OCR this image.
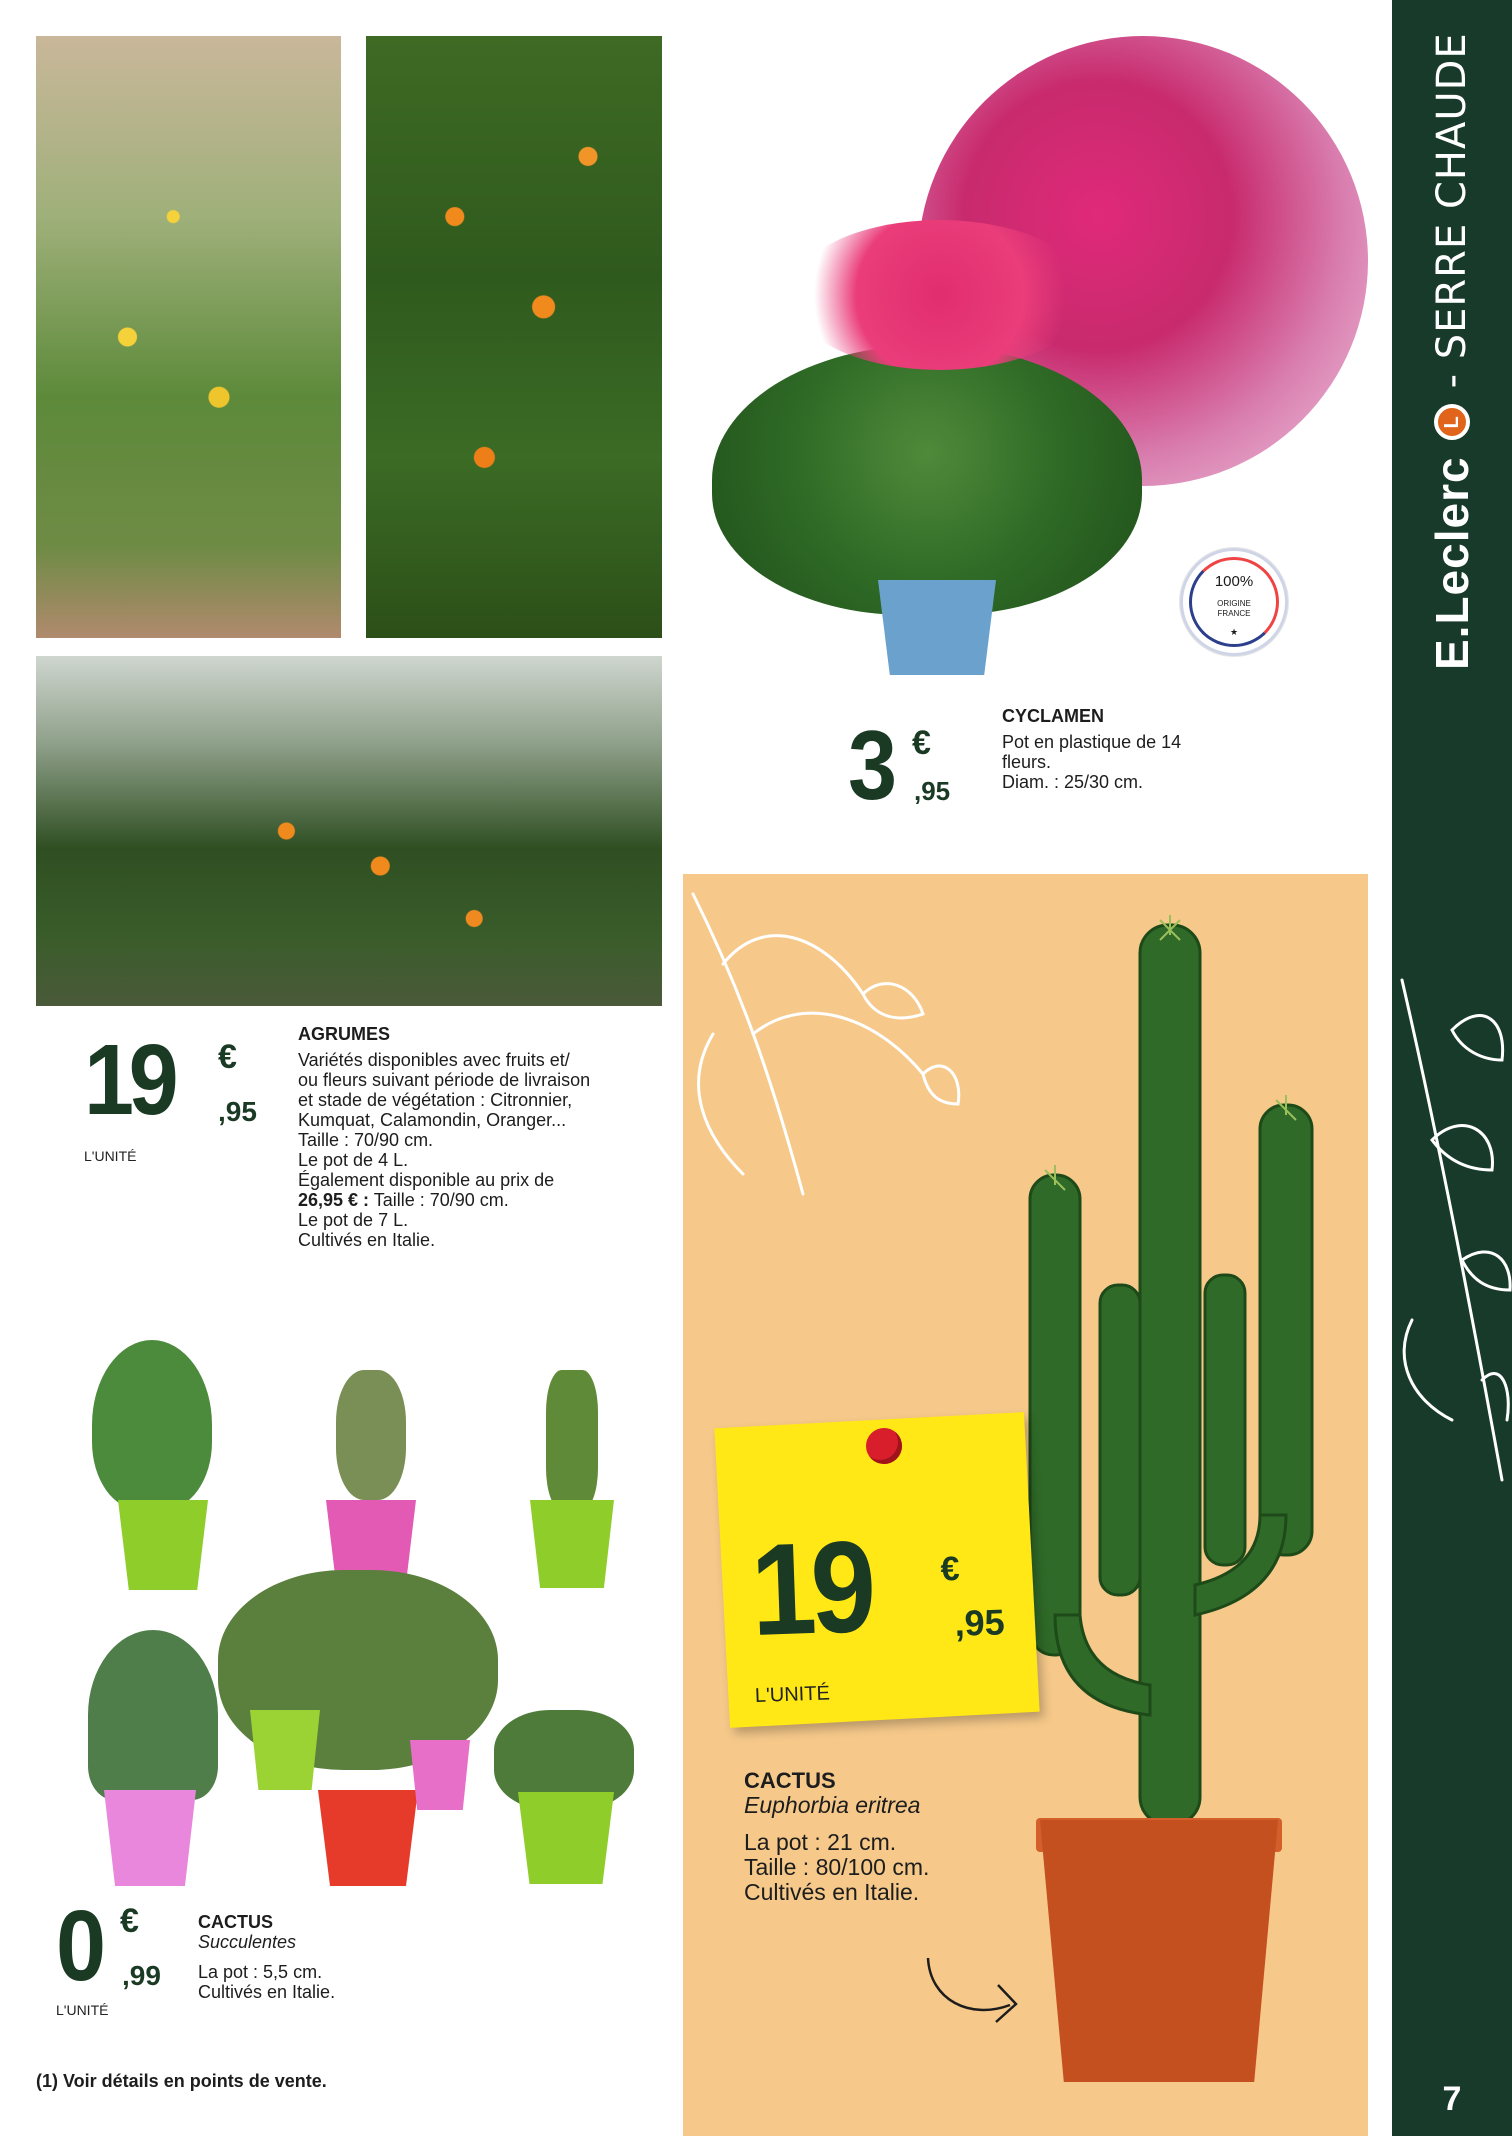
100%
ORIGINE
FRANCE
★
3 €
,95
CYCLAMEN
Pot en plastique de 14
fleurs.
Diam. : 25/30 cm.
19 €
,95
L'UNITÉ
AGRUMES
Variétés disponibles avec fruits et/
ou fleurs suivant période de livraison
et stade de végétation : Citronnier,
Kumquat, Calamondin, Oranger...
Taille : 70/90 cm.
Le pot de 4 L.
Également disponible au prix de
26,95 € : Taille : 70/90 cm.
Le pot de 7 L.
Cultivés en Italie.
19 €
,95
L'UNITÉ
CACTUS
Euphorbia eritrea
La pot : 21 cm.
Taille : 80/100 cm.
Cultivés en Italie.
0 €
,99
L'UNITÉ
CACTUS
Succulentes
La pot : 5,5 cm.
Cultivés en Italie.
(1) Voir détails en points de vente.
E.Leclerc
L
- SERRE CHAUDE
7
